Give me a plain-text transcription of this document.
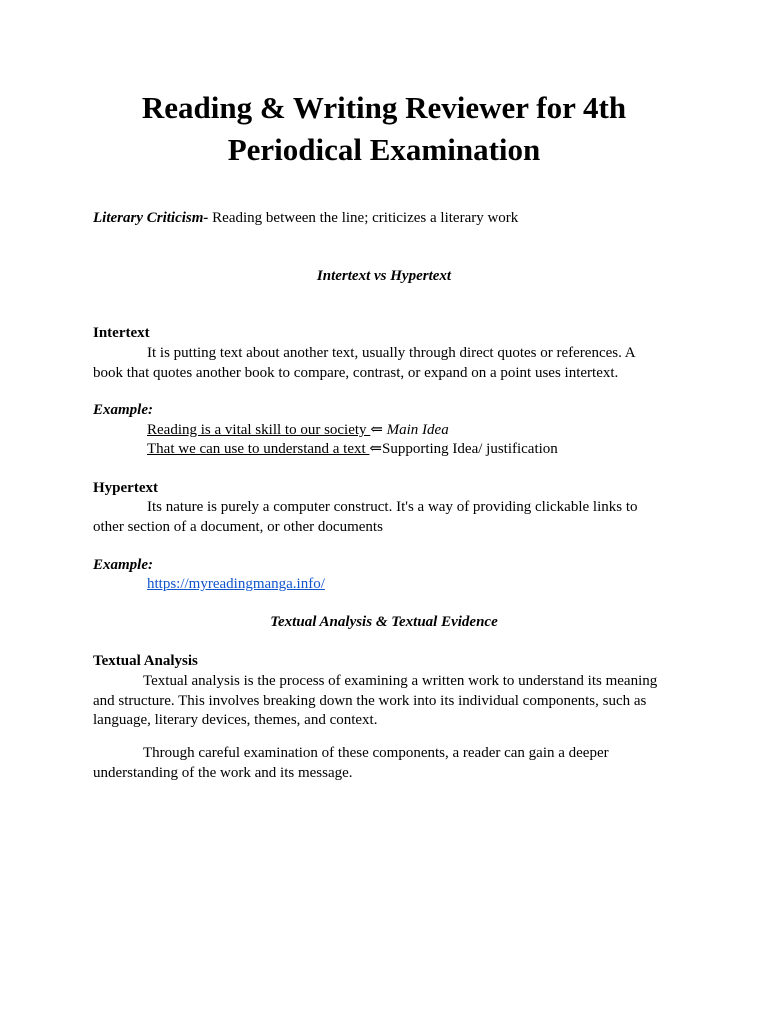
Reading & Writing Reviewer for 4th
Periodical Examination

Literary Criticism- Reading between the line; criticizes a literary work

Intertext vs Hypertext

Intertext

It is putting text about another text, usually through direct quotes or references. A
book that quotes another book to compare, contrast, or expand on a point uses intertext.

Example:

Reading is a vital skill to our society ⇐ Main Idea

That we can use to understand a text ⇐Supporting Idea/ justification

Hypertext

Its nature is purely a computer construct. It's a way of providing clickable links to
other section of a document, or other documents

Example:

https://myreadingmanga.info/

Textual Analysis & Textual Evidence

Textual Analysis

Textual analysis is the process of examining a written work to understand its meaning
and structure. This involves breaking down the work into its individual components, such as
language, literary devices, themes, and context.

Through careful examination of these components, a reader can gain a deeper
understanding of the work and its message.
